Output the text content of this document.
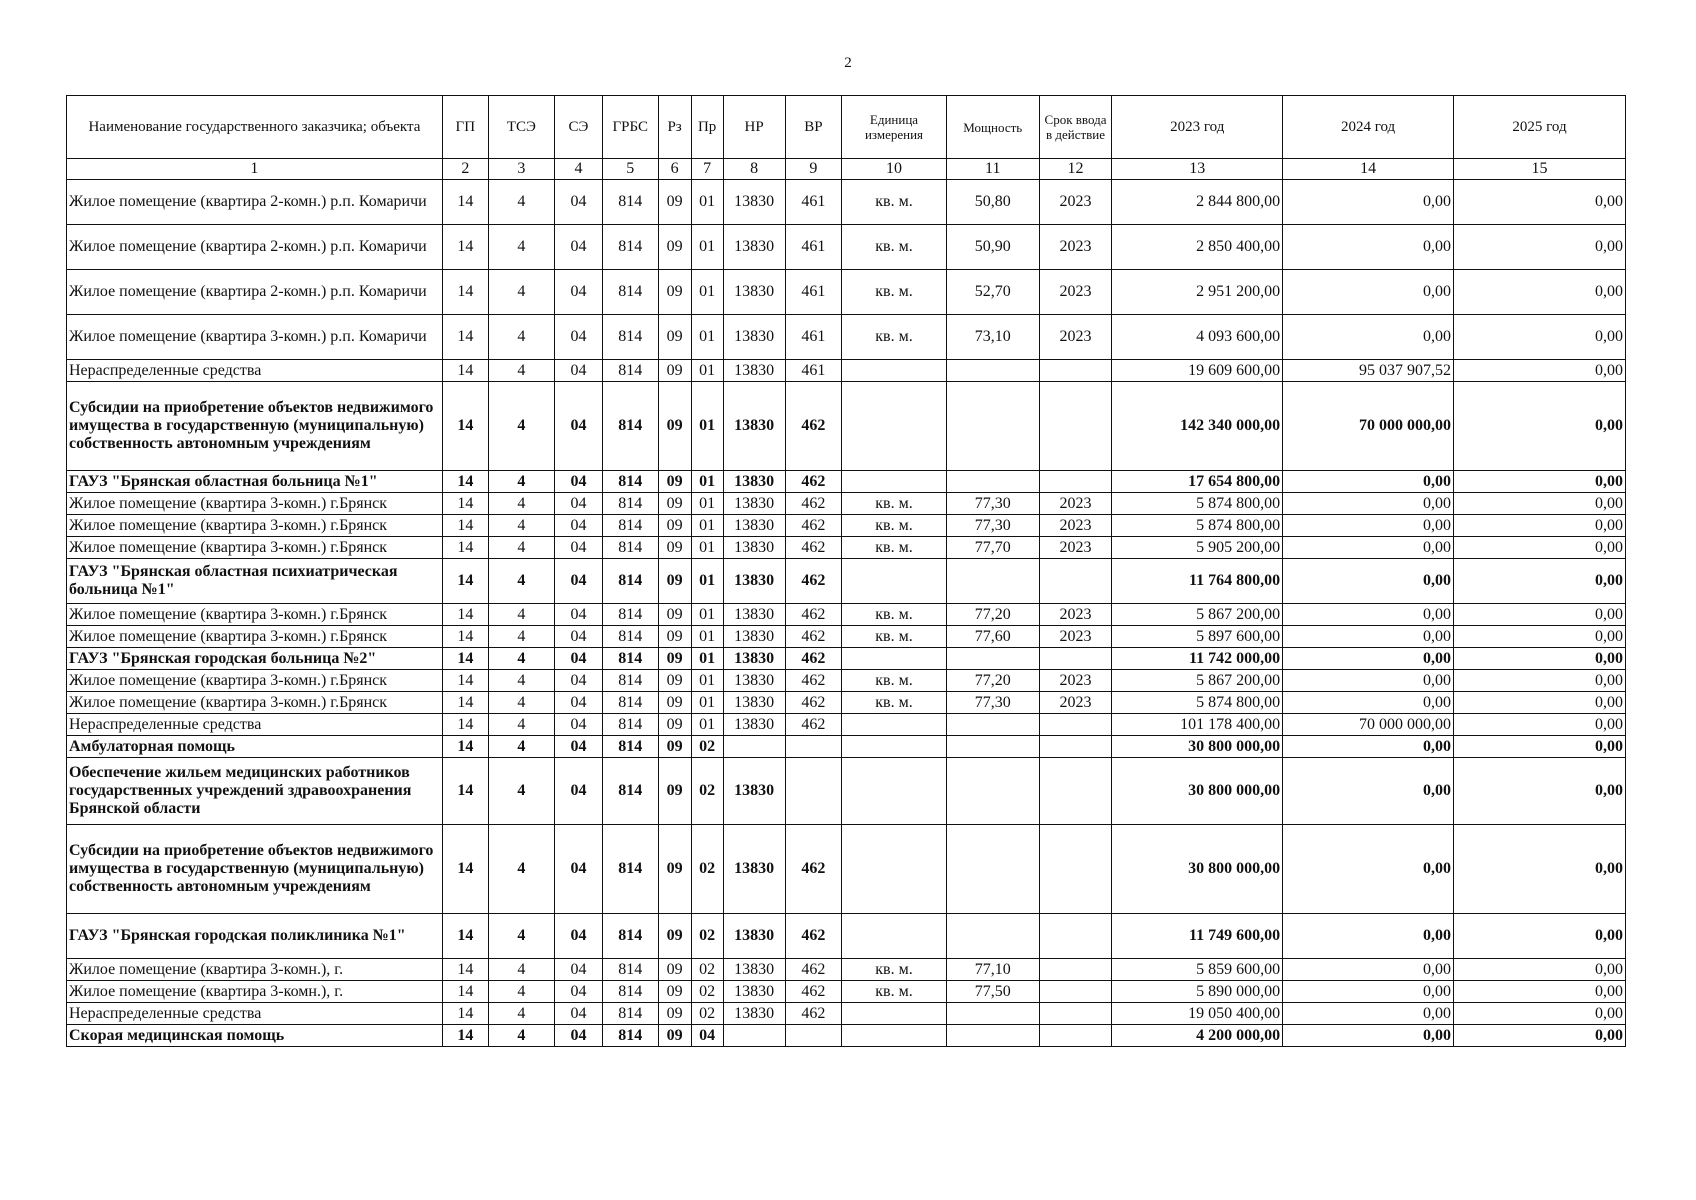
2
Наименование государственного заказчика; объекта	ГП	ТСЭ	СЭ	ГРБС	Рз	Пр	НР	ВР	Единица измерения	Мощность	Срок ввода в действие	2023 год	2024 год	2025 год
1	2	3	4	5	6	7	8	9	10	11	12	13	14	15
Жилое помещение (квартира 2-комн.) р.п. Комаричи	14	4	04	814	09	01	13830	461	кв. м.	50,80	2023	2 844 800,00	0,00	0,00
Жилое помещение (квартира 2-комн.) р.п. Комаричи	14	4	04	814	09	01	13830	461	кв. м.	50,90	2023	2 850 400,00	0,00	0,00
Жилое помещение (квартира 2-комн.) р.п. Комаричи	14	4	04	814	09	01	13830	461	кв. м.	52,70	2023	2 951 200,00	0,00	0,00
Жилое помещение (квартира 3-комн.) р.п. Комаричи	14	4	04	814	09	01	13830	461	кв. м.	73,10	2023	4 093 600,00	0,00	0,00
Нераспределенные средства	14	4	04	814	09	01	13830	461				19 609 600,00	95 037 907,52	0,00
Субсидии на приобретение объектов недвижимого имущества в государственную (муниципальную) собственность автономным учреждениям	14	4	04	814	09	01	13830	462				142 340 000,00	70 000 000,00	0,00
ГАУЗ "Брянская областная больница №1"	14	4	04	814	09	01	13830	462				17 654 800,00	0,00	0,00
Жилое помещение (квартира 3-комн.) г.Брянск	14	4	04	814	09	01	13830	462	кв. м.	77,30	2023	5 874 800,00	0,00	0,00
Жилое помещение (квартира 3-комн.) г.Брянск	14	4	04	814	09	01	13830	462	кв. м.	77,30	2023	5 874 800,00	0,00	0,00
Жилое помещение (квартира 3-комн.) г.Брянск	14	4	04	814	09	01	13830	462	кв. м.	77,70	2023	5 905 200,00	0,00	0,00
ГАУЗ "Брянская областная психиатрическая больница №1"	14	4	04	814	09	01	13830	462				11 764 800,00	0,00	0,00
Жилое помещение (квартира 3-комн.) г.Брянск	14	4	04	814	09	01	13830	462	кв. м.	77,20	2023	5 867 200,00	0,00	0,00
Жилое помещение (квартира 3-комн.) г.Брянск	14	4	04	814	09	01	13830	462	кв. м.	77,60	2023	5 897 600,00	0,00	0,00
ГАУЗ "Брянская городская больница №2"	14	4	04	814	09	01	13830	462				11 742 000,00	0,00	0,00
Жилое помещение (квартира 3-комн.) г.Брянск	14	4	04	814	09	01	13830	462	кв. м.	77,20	2023	5 867 200,00	0,00	0,00
Жилое помещение (квартира 3-комн.) г.Брянск	14	4	04	814	09	01	13830	462	кв. м.	77,30	2023	5 874 800,00	0,00	0,00
Нераспределенные средства	14	4	04	814	09	01	13830	462				101 178 400,00	70 000 000,00	0,00
Амбулаторная помощь	14	4	04	814	09	02						30 800 000,00	0,00	0,00
Обеспечение жильем медицинских работников государственных учреждений здравоохранения Брянской области	14	4	04	814	09	02	13830					30 800 000,00	0,00	0,00
Субсидии на приобретение объектов недвижимого имущества в государственную (муниципальную) собственность автономным учреждениям	14	4	04	814	09	02	13830	462				30 800 000,00	0,00	0,00
ГАУЗ "Брянская городская поликлиника №1"	14	4	04	814	09	02	13830	462				11 749 600,00	0,00	0,00
Жилое помещение (квартира 3-комн.), г.	14	4	04	814	09	02	13830	462	кв. м.	77,10		5 859 600,00	0,00	0,00
Жилое помещение (квартира 3-комн.), г.	14	4	04	814	09	02	13830	462	кв. м.	77,50		5 890 000,00	0,00	0,00
Нераспределенные средства	14	4	04	814	09	02	13830	462				19 050 400,00	0,00	0,00
Скорая медицинская помощь	14	4	04	814	09	04						4 200 000,00	0,00	0,00
